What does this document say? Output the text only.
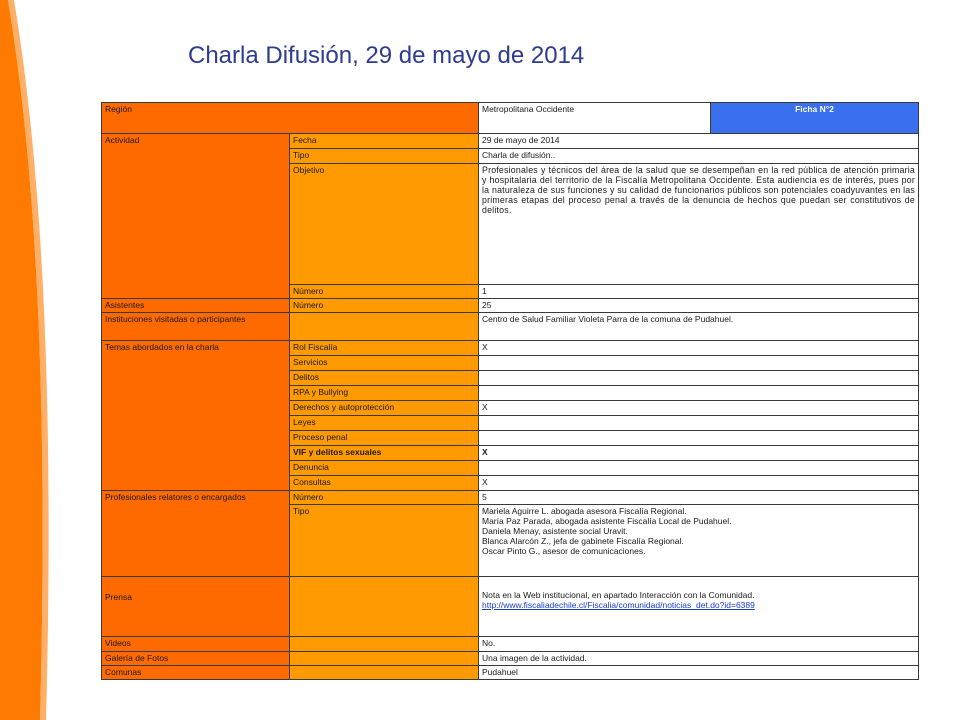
Charla Difusión, 29 de mayo de 2014
Región		Metropolitana Occidente	Ficha N°2
Actividad	Fecha	29 de mayo de 2014	
	Tipo	Charla de difusión..	
	Objetivo	Profesionales y técnicos del área de la salud que se desempeñan en la red pública de atención primaria y hospitalaria del territorio de la Fiscalía Metropolitana Occidente. Esta audiencia es de interés, pues por la naturaleza de sus funciones y su calidad de funcionarios públicos son potenciales coadyuvantes en las primeras etapas del proceso penal a través de la denuncia de hechos que puedan ser constitutivos de delitos.	
	Número	1	
Asistentes	Número	25	
Instituciones visitadas o participantes		Centro de Salud Familiar Violeta Parra de la comuna de Pudahuel.	
Temas abordados en la charla	Rol Fiscalía	X	
	Servicios		
	Delitos		
	RPA y Bullying		
	Derechos y autoprotección	X	
	Leyes		
	Proceso penal		
	VIF y delitos sexuales	X	
	Denuncia		
	Consultas	X	
Profesionales relatores o encargados	Número	5	
	Tipo	Mariela Aguirre L. abogada asesora Fiscalía Regional.
María Paz Parada, abogada asistente Fiscalía Local de Pudahuel.
Daniela Menay, asistente social Uravit.
Blanca Alarcón Z., jefa de gabinete Fiscalía Regional.
Oscar Pinto G., asesor de comunicaciones.	

Prensa		Nota en la Web institucional, en apartado Interacción con la Comunidad.
http://www.fiscaliadechile.cl/Fiscalia/comunidad/noticias_det.do?id=6389	

Videos		No.	
Galería de Fotos		Una imagen de la actividad.	
Comunas		Pudahuel	
